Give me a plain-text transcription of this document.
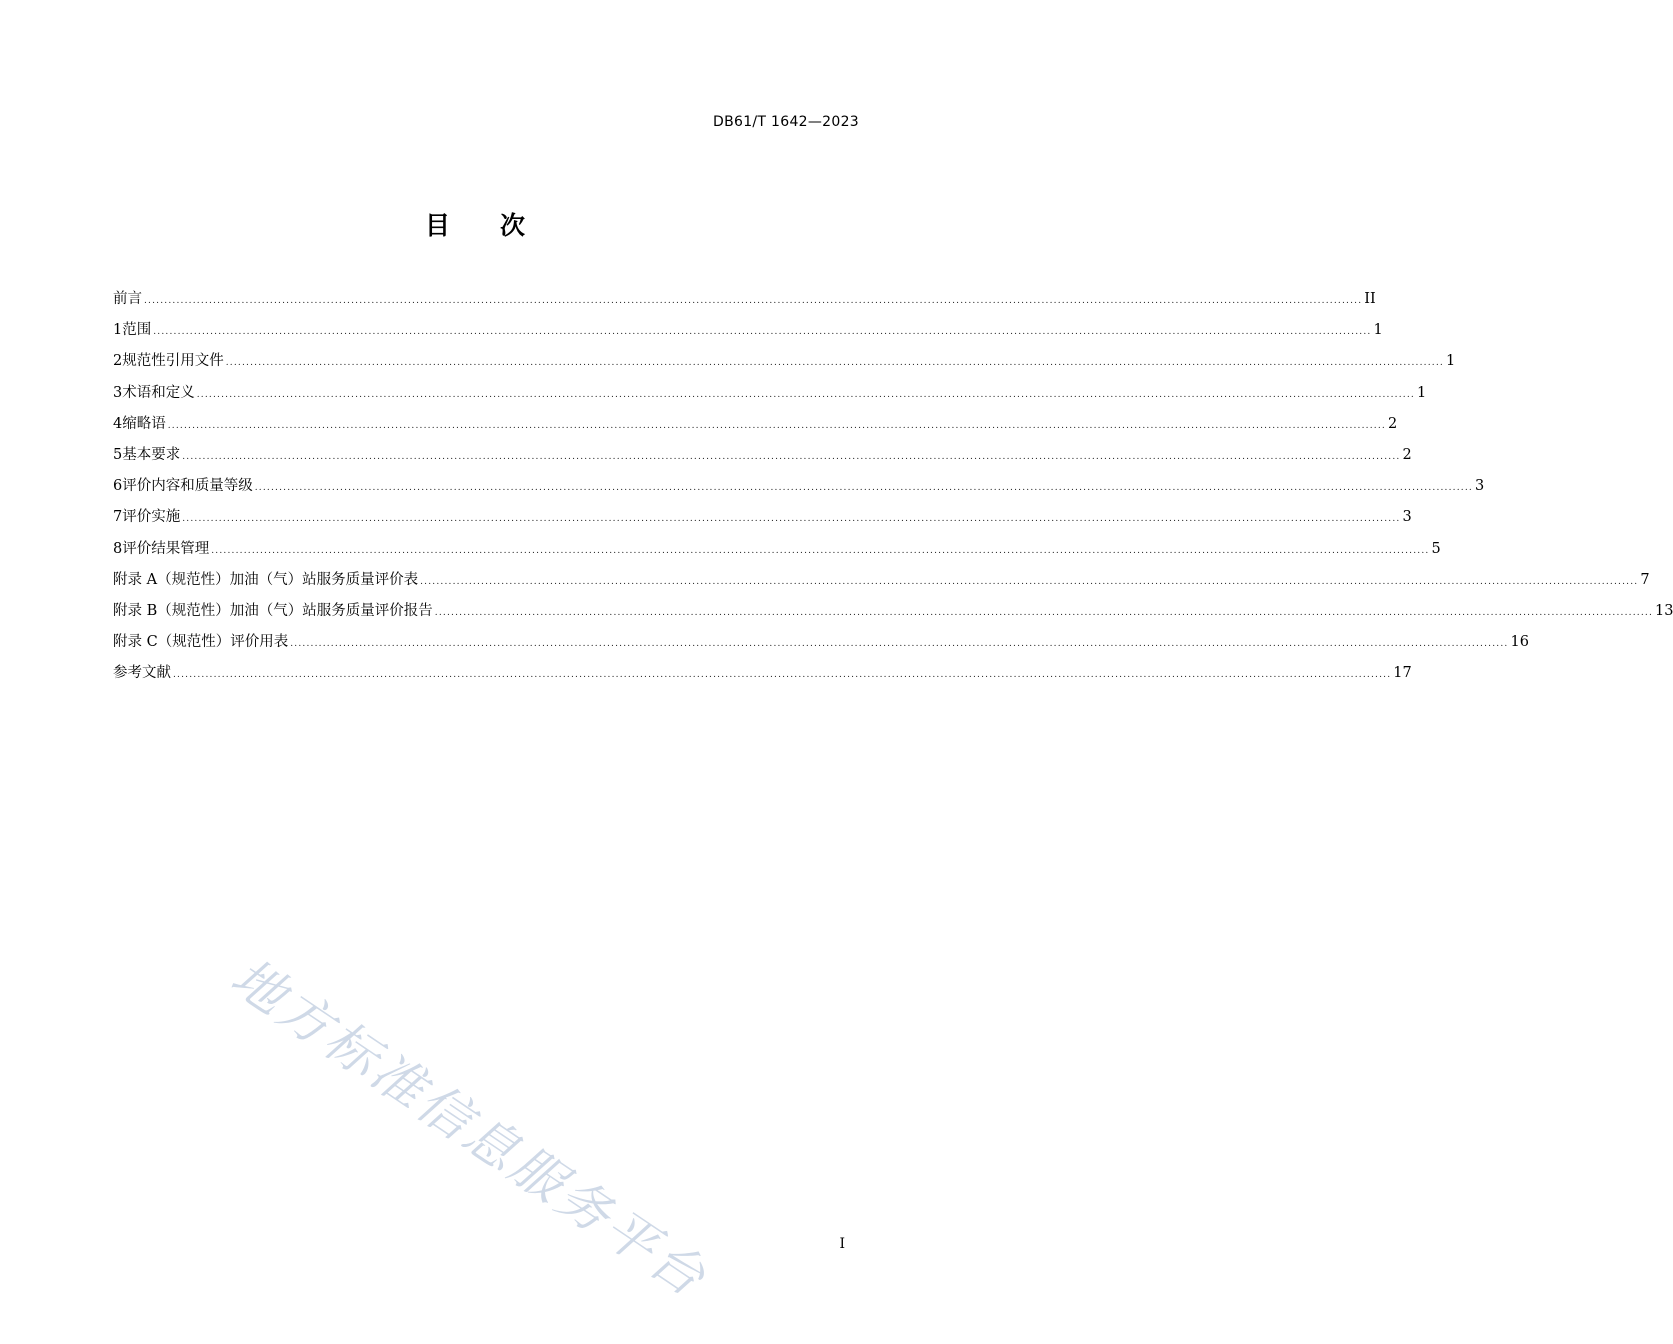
DB61/T 1642—2023
目 次
前言 ............................................................................................................................................................................................................................................................................................................ II
1 范围 ............................................................................................................................................................................................................................................................................................................ 1
2 规范性引用文件 ............................................................................................................................................................................................................................................................................................................ 1
3 术语和定义 ............................................................................................................................................................................................................................................................................................................ 1
4 缩略语 ............................................................................................................................................................................................................................................................................................................ 2
5 基本要求 ............................................................................................................................................................................................................................................................................................................ 2
6 评价内容和质量等级 ............................................................................................................................................................................................................................................................................................................ 3
7 评价实施 ............................................................................................................................................................................................................................................................................................................ 3
8 评价结果管理 ............................................................................................................................................................................................................................................................................................................ 5
附录 A（规范性）加油（气）站服务质量评价表 ............................................................................................................................................................................................................................................................................................................ 7
附录 B（规范性）加油（气）站服务质量评价报告 ............................................................................................................................................................................................................................................................................................................ 13
附录 C（规范性）评价用表 ............................................................................................................................................................................................................................................................................................................ 16
参考文献 ............................................................................................................................................................................................................................................................................................................ 17
地方标准信息服务平台	I
